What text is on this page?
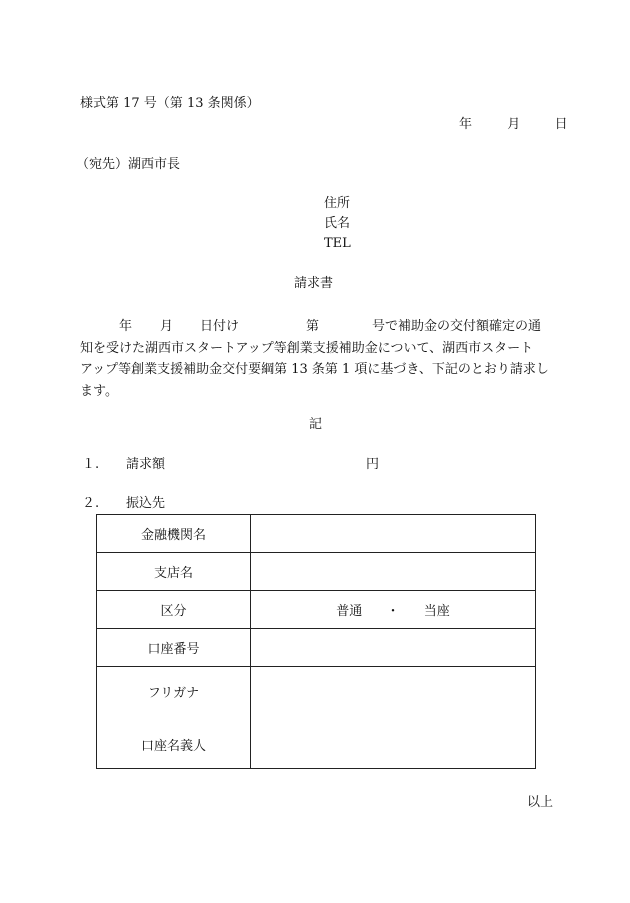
様式第 17 号（第 13 条関係）
年	月	日
（宛先）湖西市長
住所
氏名
TEL
請求書
年 月 日付け	第	号で補助金の交付額確定の通
知を受けた湖西市スタートアップ等創業支援補助金について、湖西市スタート
アップ等創業支援補助金交付要綱第 13 条第 1 項に基づき、下記のとおり請求し
ます。
記
１. 請求額	円
２. 振込先
金融機関名	
支店名	
区分	普通 ・ 当座
口座番号	

フリガナ
口座名義人	

以上
